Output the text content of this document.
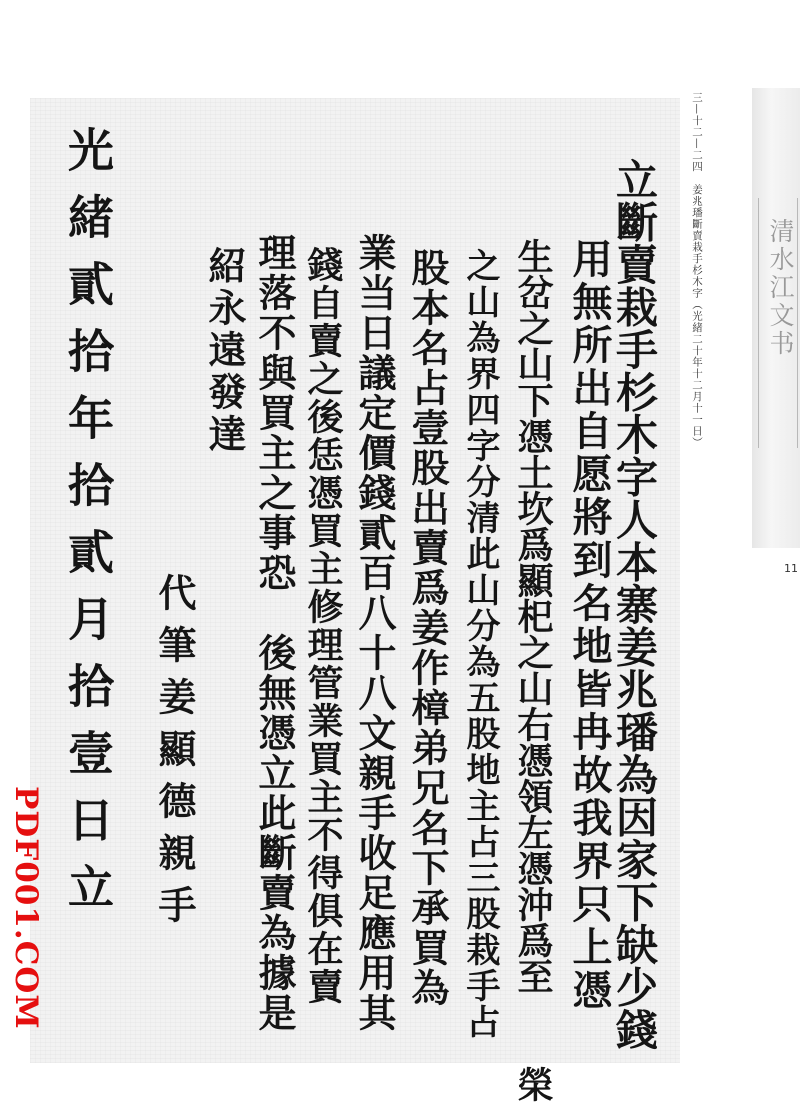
立斷賣栽手杉木字人本寨姜兆璠為因家下缺少錢
用無所出自愿將到名地皆冉故我界只上憑
生岔之山下憑土坎爲顯𣏌之山右憑領左憑沖爲至　　榮
之山為界四字分清此山分為五股地主占三股栽手占
股本名占壹股出賣爲姜作樟弟兄名下承買為
業当日議定價錢貳百八十八文親手收足應用其
錢自賣之後恁憑買主修理管業買主不得俱在賣
理落不與買主之事恐　後無憑立此斷賣為據是
紹永遠發達
代筆姜顯德親手
光緒貳拾年拾貳月拾壹日立	三—十二—二四　姜兆璠斷賣栽手杉木字（光緒二十年十二月十一日）	清水江文书
11
PDF001.COM
